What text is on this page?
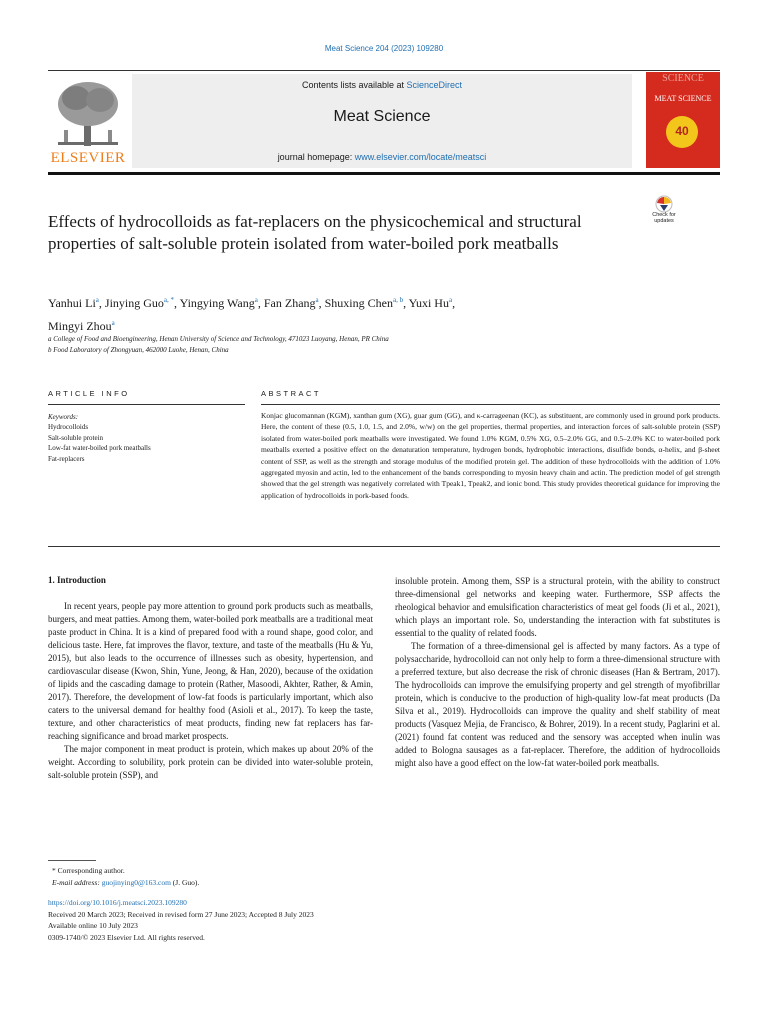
Meat Science 204 (2023) 109280
Contents lists available at ScienceDirect
Meat Science
journal homepage: www.elsevier.com/locate/meatsci
ELSEVIER
SCIENCE
MEAT SCIENCE
40
Check for updates
Effects of hydrocolloids as fat-replacers on the physicochemical and structural properties of salt-soluble protein isolated from water-boiled pork meatballs
Yanhui Li$^a$, Jinying Guo$^{a, *}$, Yingying Wang$^a$, Fan Zhang$^a$, Shuxing Chen$^{a, b}$, Yuxi Hu$^a$,
Mingyi Zhou$^a$
a College of Food and Bioengineering, Henan University of Science and Technology, 471023 Luoyang, Henan, PR China
b Food Laboratory of Zhongyuan, 462000 Luohe, Henan, China
ARTICLE INFO	ABSTRACT
Keywords:
Hydrocolloids
Salt-soluble protein
Low-fat water-boiled pork meatballs
Fat-replacers
Konjac glucomannan (KGM), xanthan gum (XG), guar gum (GG), and κ-carrageenan (KC), as substituent, are commonly used in ground pork products. Here, the content of these (0.5, 1.0, 1.5, and 2.0%, w/w) on the gel properties, thermal properties, and interaction forces of salt-soluble protein (SSP) isolated from water-boiled pork meatballs were investigated. We found 1.0% KGM, 0.5% XG, 0.5–2.0% GG, and 0.5–2.0% KC to water-boiled pork meatballs exerted a positive effect on the denaturation temperature, hydrogen bonds, hydrophobic interactions, disulfide bonds, α-helix, and β-sheet content of SSP, as well as the strength and storage modulus of the modified protein gel. The addition of these hydrocolloids with the addition of 1.0% aggregated myosin and actin, led to the enhancement of the bands corresponding to myosin heavy chain and actin. The prediction model of gel strength showed that the gel strength was negatively correlated with Tpeak1, Tpeak2, and ionic bond. This study provides theoretical guidance for improving the application of hydrocolloids in pork-based foods.
1. Introduction

In recent years, people pay more attention to ground pork products such as meatballs, burgers, and meat patties. Among them, water-boiled pork meatballs are a traditional meat paste product in China. It is a kind of prepared food with a round shape, good color, and delicious taste. Here, fat improves the flavor, texture, and taste of the meatballs (Hu & Yu, 2015), but also leads to the occurrence of illnesses such as obesity, hypertension, and cardiovascular disease (Kwon, Shin, Yune, Jeong, & Han, 2020), because of the oxidation of lipids and the cascading damage to protein (Rather, Masoodi, Akhter, Rather, & Amin, 2017). Therefore, the development of low-fat foods is particularly important, which also caters to the universal demand for healthy food (Asioli et al., 2017). To keep the taste, texture, and other characteristics of meat products, finding new fat replacers has far-reaching significance and broad market prospects.

The major component in meat product is protein, which makes up about 20% of the weight. According to solubility, pork protein can be divided into water-soluble protein, salt-soluble protein (SSP), and

insoluble protein. Among them, SSP is a structural protein, with the ability to construct three-dimensional gel networks and keeping water. Furthermore, SSP affects the rheological behavior and emulsification characteristics of meat gel foods (Ji et al., 2021), which plays an important role. So, understanding the interaction with fat substitutes is essential to the quality of related foods.

The formation of a three-dimensional gel is affected by many factors. As a type of polysaccharide, hydrocolloid can not only help to form a three-dimensional structure with a preferred texture, but also decrease the risk of chronic diseases (Han & Bertram, 2017). The hydrocolloids can improve the emulsifying property and gel strength of myofibrillar protein, which is conducive to the production of high-quality low-fat meat products (Da Silva et al., 2019). Hydrocolloids can improve the quality and shelf stability of meat products (Vasquez Mejia, de Francisco, & Bohrer, 2019). In a recent study, Paglarini et al. (2021) found fat content was reduced and the sensory was accepted when inulin was added to Bologna sausages as a fat-replacer. Therefore, the addition of hydrocolloids might also have a good effect on the low-fat water-boiled pork meatballs.

* Corresponding author.
E-mail address: guojinying0@163.com (J. Guo).
https://doi.org/10.1016/j.meatsci.2023.109280
Received 20 March 2023; Received in revised form 27 June 2023; Accepted 8 July 2023
Available online 10 July 2023
0309-1740/© 2023 Elsevier Ltd. All rights reserved.
